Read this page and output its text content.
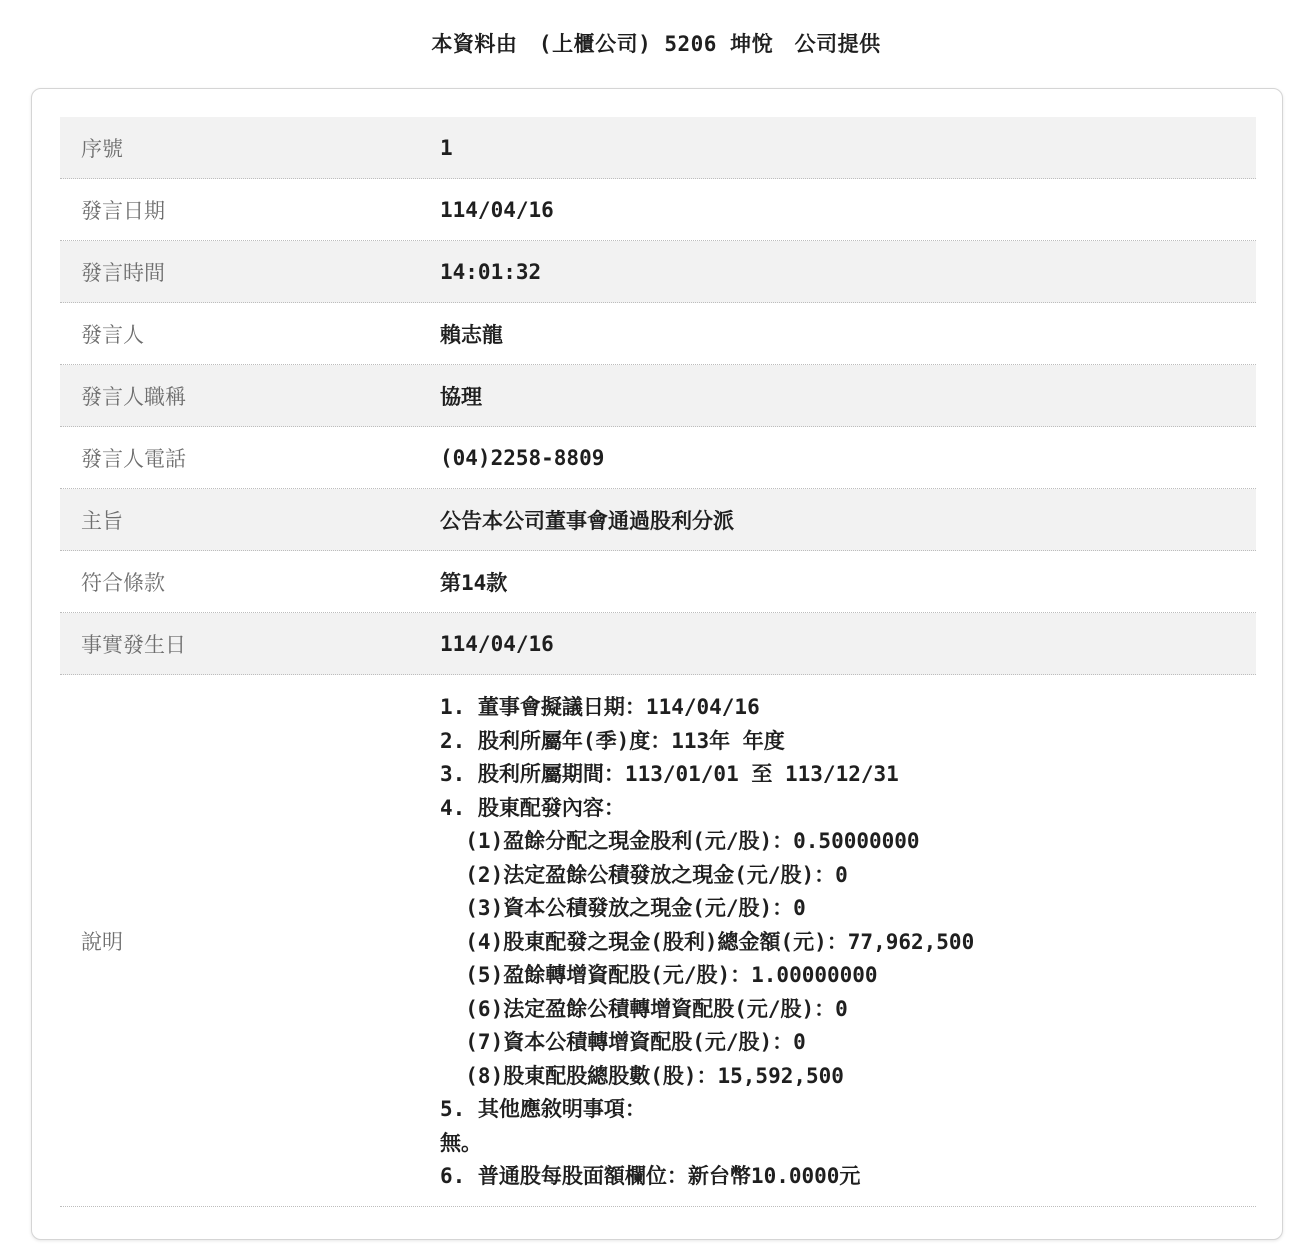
本資料由　(上櫃公司) 5206 坤悅　公司提供
序號	1
發言日期	114/04/16
發言時間	14:01:32
發言人	賴志龍
發言人職稱	協理
發言人電話	(04)2258-8809
主旨	公告本公司董事會通過股利分派
符合條款	第14款
事實發生日	114/04/16
說明
1. 董事會擬議日期：114/04/16
2. 股利所屬年(季)度：113年 年度
3. 股利所屬期間：113/01/01 至 113/12/31
4. 股東配發內容：
(1)盈餘分配之現金股利(元/股)：0.50000000
(2)法定盈餘公積發放之現金(元/股)：0
(3)資本公積發放之現金(元/股)：0
(4)股東配發之現金(股利)總金額(元)：77,962,500
(5)盈餘轉增資配股(元/股)：1.00000000
(6)法定盈餘公積轉增資配股(元/股)：0
(7)資本公積轉增資配股(元/股)：0
(8)股東配股總股數(股)：15,592,500
5. 其他應敘明事項：
無。
6. 普通股每股面額欄位：新台幣10.0000元
